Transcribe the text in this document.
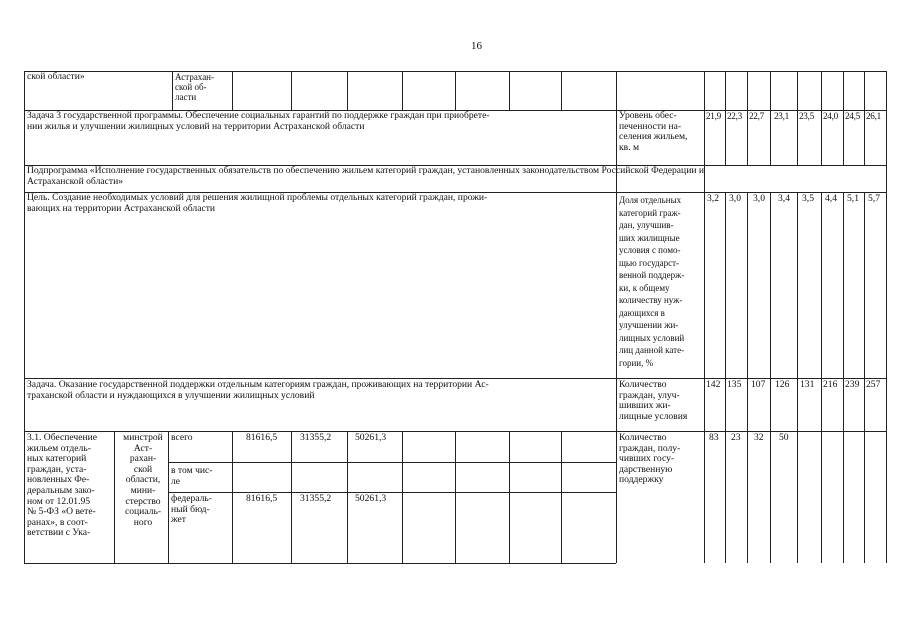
16
ской области»	Астрахан-
ской об-
ласти
Задача 3 государственной программы. Обеспечение социальных гарантий по поддержке граждан при приобрете-
нии жилья и улучшении жилищных условий на территории Астраханской области
Уровень обес-
печенности на-
селения жильем,
кв. м
21,9 22,3 22,7 23,1 23,5 24,0 24,5 26,1
Подпрограмма «Исполнение государственных обязательств по обеспечению жильем категорий граждан, установленных законодательством Российской Федерации и
Астраханской области»
Цель. Создание необходимых условий для решения жилищной проблемы отдельных категорий граждан, прожи-
вающих на территории Астраханской области
Доля отдельных
категорий граж-
дан, улучшив-
ших жилищные
условия с помо-
щью государст-
венной поддерж-
ки, к общему
количеству нуж-
дающихся в
улучшении жи-
лищных условий
лиц данной кате-
гории, %
3,2 3,0 3,0 3,4 3,5 4,4 5,1 5,7
Задача. Оказание государственной поддержки отдельным категориям граждан, проживающих на территории Ас-
траханской области и нуждающихся в улучшении жилищных условий
Количество
граждан, улуч-
шивших жи-
лищные условия
142 135 107 126 131 216 239 257
3.1. Обеспечение
жильем отдель-
ных категорий
граждан, уста-
новленных Фе-
деральным зако-
ном от 12.01.95
№ 5-ФЗ «О вете-
ранах», в соот-
ветствии с Ука-
минстрой
Аст-
рахан-
ской
области,
мини-
стерство
социаль-
ного
всего
в том чис-
ле
федераль-
ный бюд-
жет
81616,5 31355,2 50261,3
81616,5 31355,2 50261,3
Количество
граждан, полу-
чивших госу-
дарственную
поддержку
83 23 32 50
